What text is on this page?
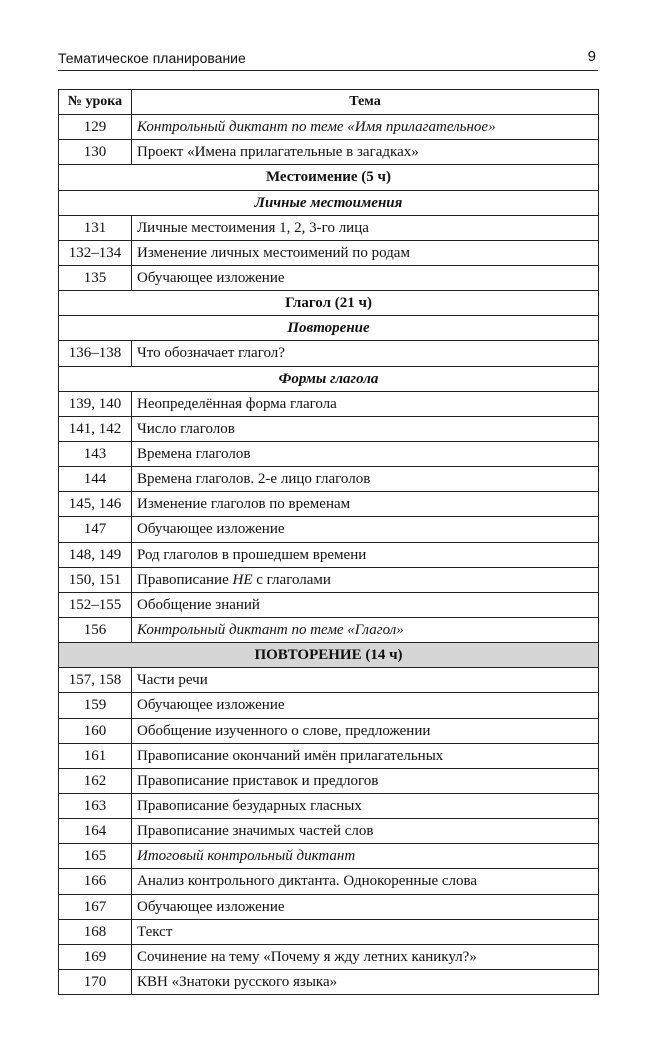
Тематическое планирование	9
№ урока	Тема
129	Контрольный диктант по теме «Имя прилагательное»
130	Проект «Имена прилагательные в загадках»
Местоимение (5 ч)	
Личные местоимения	
131	Личные местоимения 1, 2, 3-го лица
132–134	Изменение личных местоимений по родам
135	Обучающее изложение
Глагол (21 ч)	
Повторение	
136–138	Что обозначает глагол?
Формы глагола	
139, 140	Неопределённая форма глагола
141, 142	Число глаголов
143	Времена глаголов
144	Времена глаголов. 2-е лицо глаголов
145, 146	Изменение глаголов по временам
147	Обучающее изложение
148, 149	Род глаголов в прошедшем времени
150, 151	Правописание НЕ с глаголами
152–155	Обобщение знаний
156	Контрольный диктант по теме «Глагол»
ПОВТОРЕНИЕ (14 ч)	
157, 158	Части речи
159	Обучающее изложение
160	Обобщение изученного о слове, предложении
161	Правописание окончаний имён прилагательных
162	Правописание приставок и предлогов
163	Правописание безударных гласных
164	Правописание значимых частей слов
165	Итоговый контрольный диктант
166	Анализ контрольного диктанта. Однокоренные слова
167	Обучающее изложение
168	Текст
169	Сочинение на тему «Почему я жду летних каникул?»
170	КВН «Знатоки русского языка»
